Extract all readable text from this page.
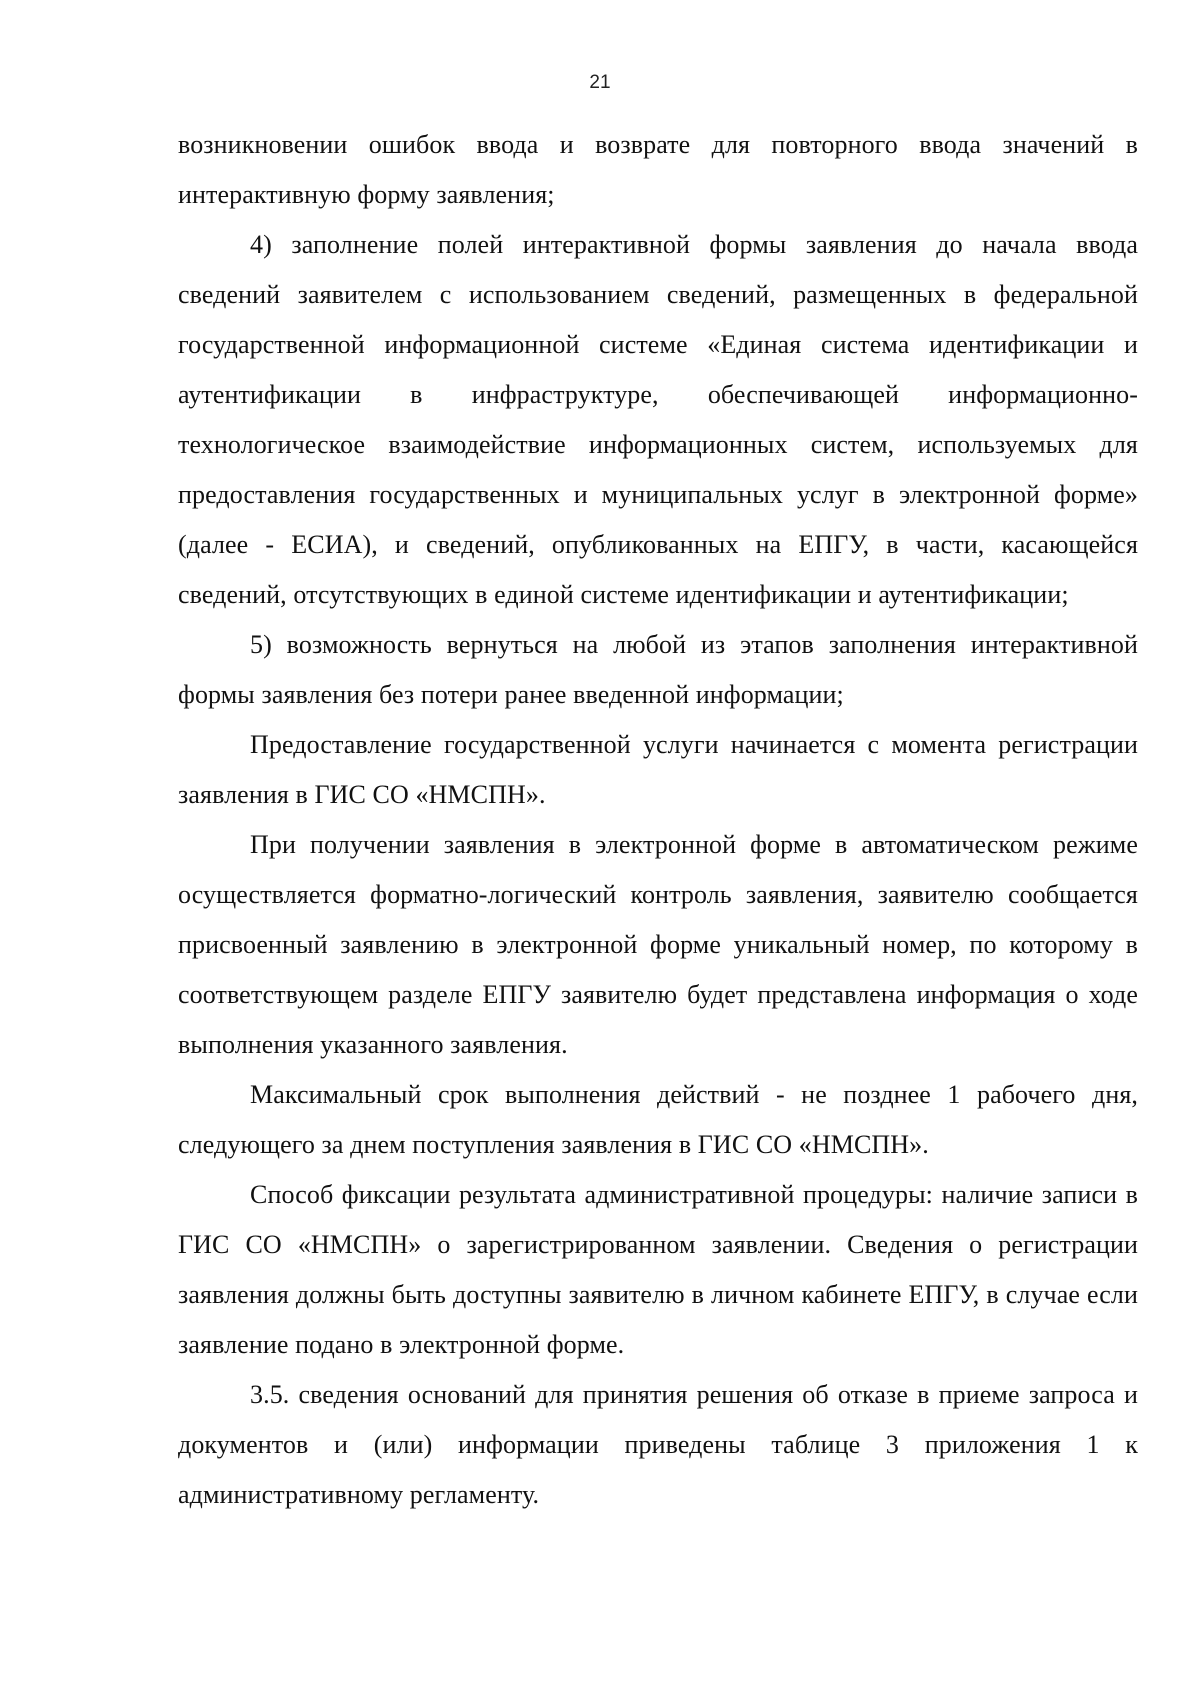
21

возникновении ошибок ввода и возврате для повторного ввода значений в интерактивную форму заявления;

4) заполнение полей интерактивной формы заявления до начала ввода сведений заявителем с использованием сведений, размещенных в федеральной государственной информационной системе «Единая система идентификации и аутентификации в инфраструктуре, обеспечивающей информационно-технологическое взаимодействие информационных систем, используемых для предоставления государственных и муниципальных услуг в электронной форме» (далее - ЕСИА), и сведений, опубликованных на ЕПГУ, в части, касающейся сведений, отсутствующих в единой системе идентификации и аутентификации;

5) возможность вернуться на любой из этапов заполнения интерактивной формы заявления без потери ранее введенной информации;

Предоставление государственной услуги начинается с момента регистрации заявления в ГИС СО «НМСПН».

При получении заявления в электронной форме в автоматическом режиме осуществляется форматно-логический контроль заявления, заявителю сообщается присвоенный заявлению в электронной форме уникальный номер, по которому в соответствующем разделе ЕПГУ заявителю будет представлена информация о ходе выполнения указанного заявления.

Максимальный срок выполнения действий - не позднее 1 рабочего дня, следующего за днем поступления заявления в ГИС СО «НМСПН».

Способ фиксации результата административной процедуры: наличие записи в ГИС СО «НМСПН» о зарегистрированном заявлении. Сведения о регистрации заявления должны быть доступны заявителю в личном кабинете ЕПГУ, в случае если заявление подано в электронной форме.

3.5. сведения оснований для принятия решения об отказе в приеме запроса и документов и (или) информации приведены таблице 3 приложения 1 к административному регламенту.
